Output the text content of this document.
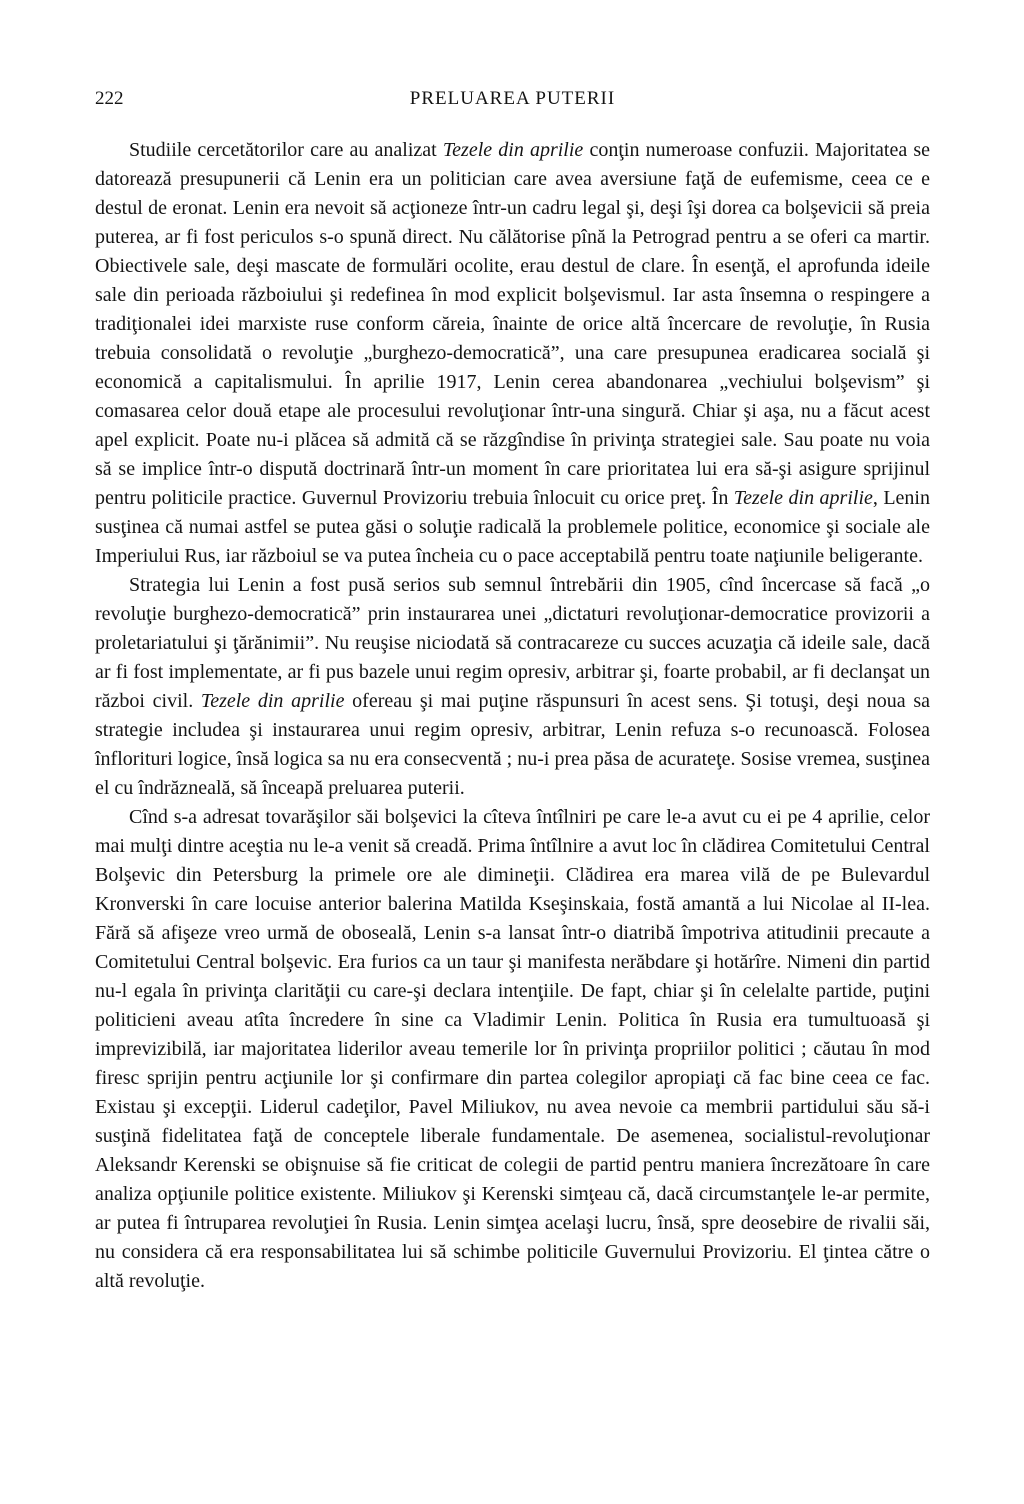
222	PRELUAREA PUTERII

Studiile cercetătorilor care au analizat Tezele din aprilie conţin numeroase confuzii. Majoritatea se datorează presupunerii că Lenin era un politician care avea aversiune faţă de eufemisme, ceea ce e destul de eronat. Lenin era nevoit să acţioneze într-un cadru legal şi, deşi îşi dorea ca bolşevicii să preia puterea, ar fi fost periculos s-o spună direct. Nu călătorise pînă la Petrograd pentru a se oferi ca martir. Obiectivele sale, deşi mascate de formulări ocolite, erau destul de clare. În esenţă, el aprofunda ideile sale din perioada războiului şi redefinea în mod explicit bolşevismul. Iar asta însemna o respingere a tradiţionalei idei marxiste ruse conform căreia, înainte de orice altă încercare de revoluţie, în Rusia trebuia consolidată o revoluţie „burghezo-democratică”, una care presupunea eradicarea socială şi economică a capitalismului. În aprilie 1917, Lenin cerea abandonarea „vechiului bolşevism” şi comasarea celor două etape ale procesului revoluţionar într-una singură. Chiar şi aşa, nu a făcut acest apel explicit. Poate nu-i plăcea să admită că se răzgîndise în privinţa strategiei sale. Sau poate nu voia să se implice într-o dispută doctrinară într-un moment în care prioritatea lui era să-şi asigure sprijinul pentru politicile practice. Guvernul Provizoriu trebuia înlocuit cu orice preţ. În Tezele din aprilie, Lenin susţinea că numai astfel se putea găsi o soluţie radicală la problemele politice, economice şi sociale ale Imperiului Rus, iar războiul se va putea încheia cu o pace acceptabilă pentru toate naţiunile beligerante.

Strategia lui Lenin a fost pusă serios sub semnul întrebării din 1905, cînd încercase să facă „o revoluţie burghezo-democratică” prin instaurarea unei „dictaturi revoluţionar-democratice provizorii a proletariatului şi ţărănimii”. Nu reuşise niciodată să contracareze cu succes acuzaţia că ideile sale, dacă ar fi fost implementate, ar fi pus bazele unui regim opresiv, arbitrar şi, foarte probabil, ar fi declanşat un război civil. Tezele din aprilie ofereau şi mai puţine răspunsuri în acest sens. Şi totuşi, deşi noua sa strategie includea şi instaurarea unui regim opresiv, arbitrar, Lenin refuza s-o recunoască. Folosea înflorituri logice, însă logica sa nu era consecventă ; nu-i prea păsa de acurateţe. Sosise vremea, susţinea el cu îndrăzneală, să înceapă preluarea puterii.

Cînd s-a adresat tovarăşilor săi bolşevici la cîteva întîlniri pe care le-a avut cu ei pe 4 aprilie, celor mai mulţi dintre aceştia nu le-a venit să creadă. Prima întîlnire a avut loc în clădirea Comitetului Central Bolşevic din Petersburg la primele ore ale dimineţii. Clădirea era marea vilă de pe Bulevardul Kronverski în care locuise anterior balerina Matilda Kseşinskaia, fostă amantă a lui Nicolae al II-lea. Fără să afişeze vreo urmă de oboseală, Lenin s-a lansat într-o diatribă împotriva atitudinii precaute a Comitetului Central bolşevic. Era furios ca un taur şi manifesta nerăbdare şi hotărîre. Nimeni din partid nu-l egala în privinţa clarităţii cu care-şi declara intenţiile. De fapt, chiar şi în celelalte partide, puţini politicieni aveau atîta încredere în sine ca Vladimir Lenin. Politica în Rusia era tumultuoasă şi imprevizibilă, iar majoritatea liderilor aveau temerile lor în privinţa propriilor politici ; căutau în mod firesc sprijin pentru acţiunile lor şi confirmare din partea colegilor apropiaţi că fac bine ceea ce fac. Existau şi excepţii. Liderul cadeţilor, Pavel Miliukov, nu avea nevoie ca membrii partidului său să-i susţină fidelitatea faţă de conceptele liberale fundamentale. De asemenea, socialistul-revoluţionar Aleksandr Kerenski se obişnuise să fie criticat de colegii de partid pentru maniera încrezătoare în care analiza opţiunile politice existente. Miliukov şi Kerenski simţeau că, dacă circumstanţele le-ar permite, ar putea fi întruparea revoluţiei în Rusia. Lenin simţea acelaşi lucru, însă, spre deosebire de rivalii săi, nu considera că era responsabilitatea lui să schimbe politicile Guvernului Provizoriu. El ţintea către o altă revoluţie.
